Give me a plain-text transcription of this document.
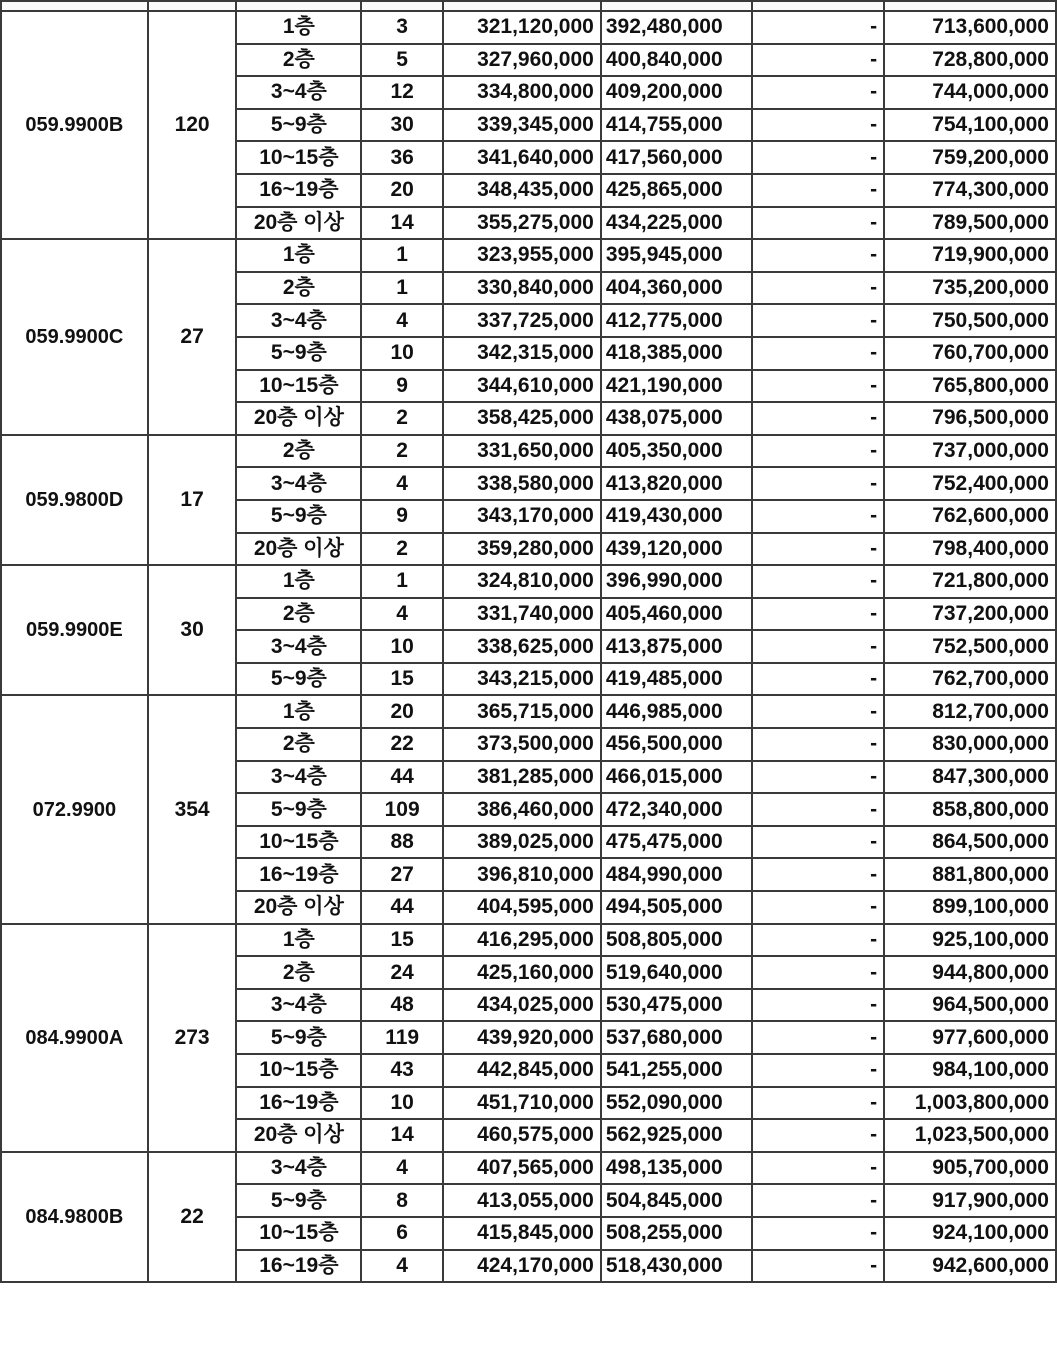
059.9900B	120	1층	3	321,120,000	392,480,000	-	713,600,000
		2층	5	327,960,000	400,840,000	-	728,800,000
		3~4층	12	334,800,000	409,200,000	-	744,000,000
		5~9층	30	339,345,000	414,755,000	-	754,100,000
		10~15층	36	341,640,000	417,560,000	-	759,200,000
		16~19층	20	348,435,000	425,865,000	-	774,300,000
		20층 이상	14	355,275,000	434,225,000	-	789,500,000
059.9900C	27	1층	1	323,955,000	395,945,000	-	719,900,000
		2층	1	330,840,000	404,360,000	-	735,200,000
		3~4층	4	337,725,000	412,775,000	-	750,500,000
		5~9층	10	342,315,000	418,385,000	-	760,700,000
		10~15층	9	344,610,000	421,190,000	-	765,800,000
		20층 이상	2	358,425,000	438,075,000	-	796,500,000
059.9800D	17	2층	2	331,650,000	405,350,000	-	737,000,000
		3~4층	4	338,580,000	413,820,000	-	752,400,000
		5~9층	9	343,170,000	419,430,000	-	762,600,000
		20층 이상	2	359,280,000	439,120,000	-	798,400,000
059.9900E	30	1층	1	324,810,000	396,990,000	-	721,800,000
		2층	4	331,740,000	405,460,000	-	737,200,000
		3~4층	10	338,625,000	413,875,000	-	752,500,000
		5~9층	15	343,215,000	419,485,000	-	762,700,000
072.9900	354	1층	20	365,715,000	446,985,000	-	812,700,000
		2층	22	373,500,000	456,500,000	-	830,000,000
		3~4층	44	381,285,000	466,015,000	-	847,300,000
		5~9층	109	386,460,000	472,340,000	-	858,800,000
		10~15층	88	389,025,000	475,475,000	-	864,500,000
		16~19층	27	396,810,000	484,990,000	-	881,800,000
		20층 이상	44	404,595,000	494,505,000	-	899,100,000
084.9900A	273	1층	15	416,295,000	508,805,000	-	925,100,000
		2층	24	425,160,000	519,640,000	-	944,800,000
		3~4층	48	434,025,000	530,475,000	-	964,500,000
		5~9층	119	439,920,000	537,680,000	-	977,600,000
		10~15층	43	442,845,000	541,255,000	-	984,100,000
		16~19층	10	451,710,000	552,090,000	-	1,003,800,000
		20층 이상	14	460,575,000	562,925,000	-	1,023,500,000
084.9800B	22	3~4층	4	407,565,000	498,135,000	-	905,700,000
		5~9층	8	413,055,000	504,845,000	-	917,900,000
		10~15층	6	415,845,000	508,255,000	-	924,100,000
		16~19층	4	424,170,000	518,430,000	-	942,600,000
